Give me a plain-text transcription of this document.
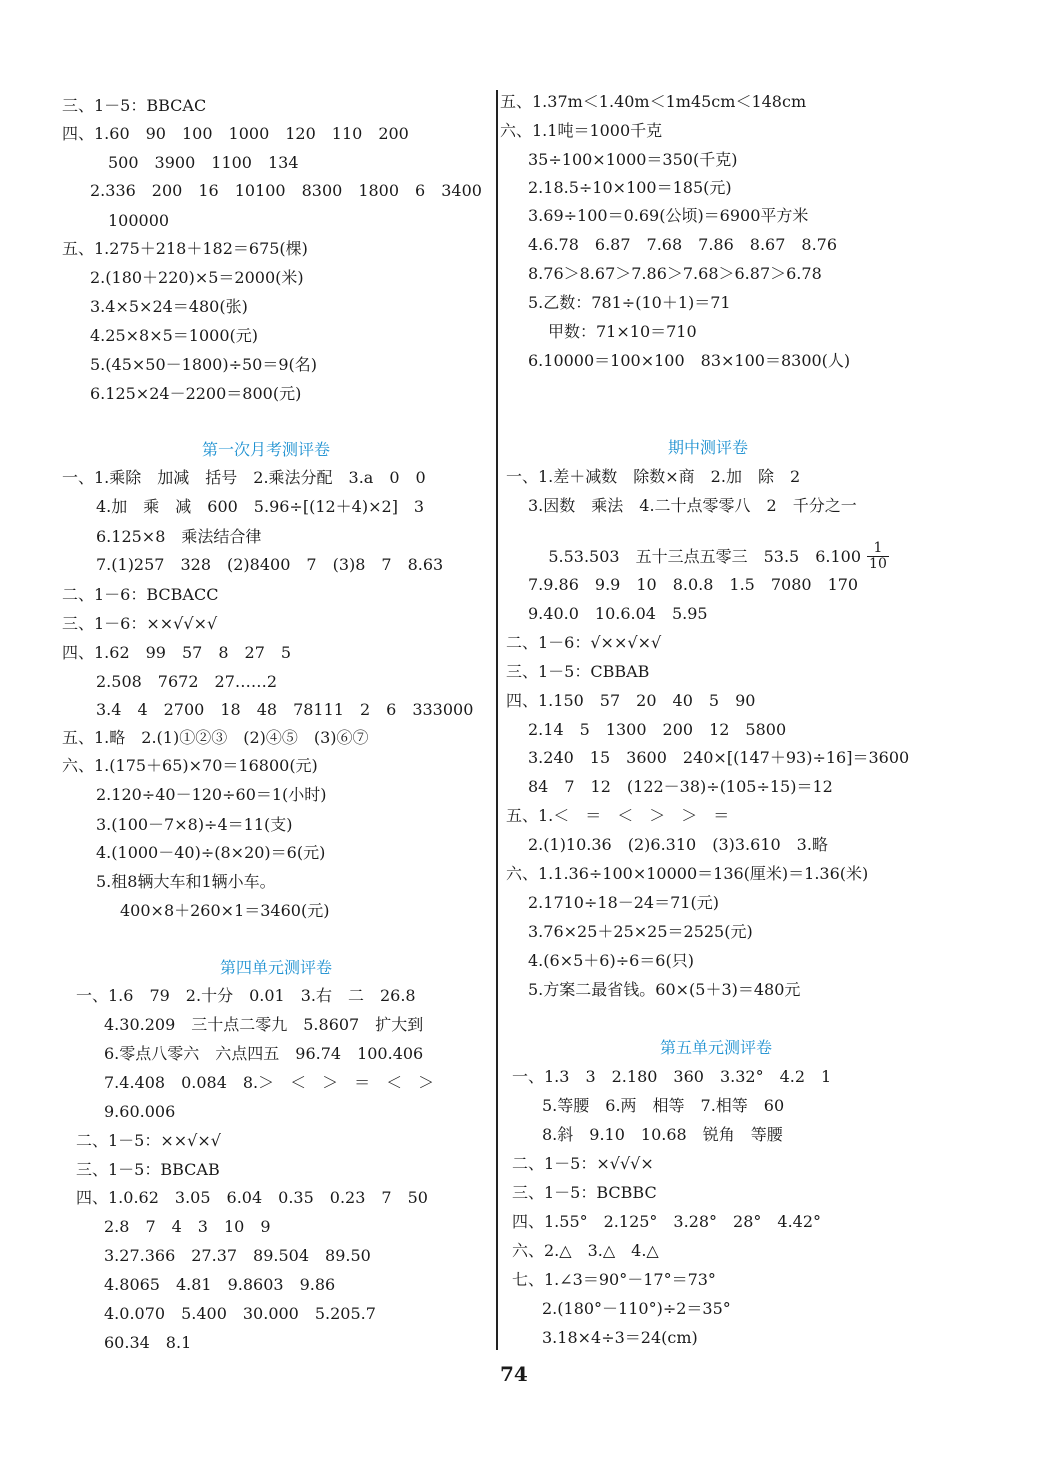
三、1－5：BBCAC
四、1.60　90　100　1000　120　110　200
500　3900　1100　134
2.336　200　16　10100　8300　1800　6　3400
100000
五、1.275＋218＋182＝675(棵)
2.(180＋220)×5＝2000(米)
3.4×5×24＝480(张)
4.25×8×5＝1000(元)
5.(45×50－1800)÷50＝9(名)
6.125×24－2200＝800(元)
第一次月考测评卷
一、1.乘除　加减　括号　2.乘法分配　3.a　0　0
4.加　乘　减　600　5.96÷[(12＋4)×2]　3
6.125×8　乘法结合律
7.(1)257　328　(2)8400　7　(3)8　7　8.63
二、1－6：BCBACC
三、1－6：××√√×√
四、1.62　99　57　8　27　5
2.508　7672　27……2
3.4　4　2700　18　48　78111　2　6　333000
五、1.略　2.(1)①②③　(2)④⑤　(3)⑥⑦
六、1.(175＋65)×70＝16800(元)
2.120÷40－120÷60＝1(小时)
3.(100－7×8)÷4＝11(支)
4.(1000－40)÷(8×20)＝6(元)
5.租8辆大车和1辆小车。
400×8＋260×1＝3460(元)
第四单元测评卷
一、1.6　79　2.十分　0.01　3.右　二　26.8
4.30.209　三十点二零九　5.8607　扩大到
6.零点八零六　六点四五　96.74　100.406
7.4.408　0.084　8.＞　＜　＞　＝　＜　＞
9.60.006
二、1－5：××√×√
三、1－5：BBCAB
四、1.0.62　3.05　6.04　0.35　0.23　7　50
2.8　7　4　3　10　9
3.27.366　27.37　89.504　89.50
4.8065　4.81　9.8603　9.86
4.0.070　5.400　30.000　5.205.7
60.34　8.1
五、1.37m＜1.40m＜1m45cm＜148cm
六、1.1吨＝1000千克
35÷100×1000＝350(千克)
2.18.5÷10×100＝185(元)
3.69÷100＝0.69(公顷)＝6900平方米
4.6.78　6.87　7.68　7.86　8.67　8.76
8.76＞8.67＞7.86＞7.68＞6.87＞6.78
5.乙数：781÷(10＋1)＝71
甲数：71×10＝710
6.10000＝100×100　83×100＝8300(人)
期中测评卷
一、1.差＋减数　除数×商　2.加　除　2
3.因数　乘法　4.二十点零零八　2　千分之一

5.53.503　五十三点五零三　53.5　$6.100 \frac{1}{10}$

7.9.86　9.9　10　8.0.8　1.5　7080　170
9.40.0　10.6.04　5.95
二、1－6：√××√×√
三、1－5：CBBAB
四、1.150　57　20　40　5　90
2.14　5　1300　200　12　5800
3.240　15　3600　240×[(147＋93)÷16]＝3600
84　7　12　(122－38)÷(105÷15)＝12
五、1.＜　＝　＜　＞　＞　＝
2.(1)10.36　(2)6.310　(3)3.610　3.略
六、1.1.36÷100×10000＝136(厘米)＝1.36(米)
2.1710÷18－24＝71(元)
3.76×25＋25×25＝2525(元)
4.(6×5＋6)÷6＝6(只)
5.方案二最省钱。60×(5＋3)＝480元
第五单元测评卷
一、1.3　3　2.180　360　3.32°　4.2　1
5.等腰　6.两　相等　7.相等　60
8.斜　9.10　10.68　锐角　等腰
二、1－5：×√√√×
三、1－5：BCBBC
四、1.55°　2.125°　3.28°　28°　4.42°
六、2.△　3.△　4.△
七、1.∠3＝90°－17°＝73°
2.(180°－110°)÷2＝35°
3.18×4÷3＝24(cm)
74
